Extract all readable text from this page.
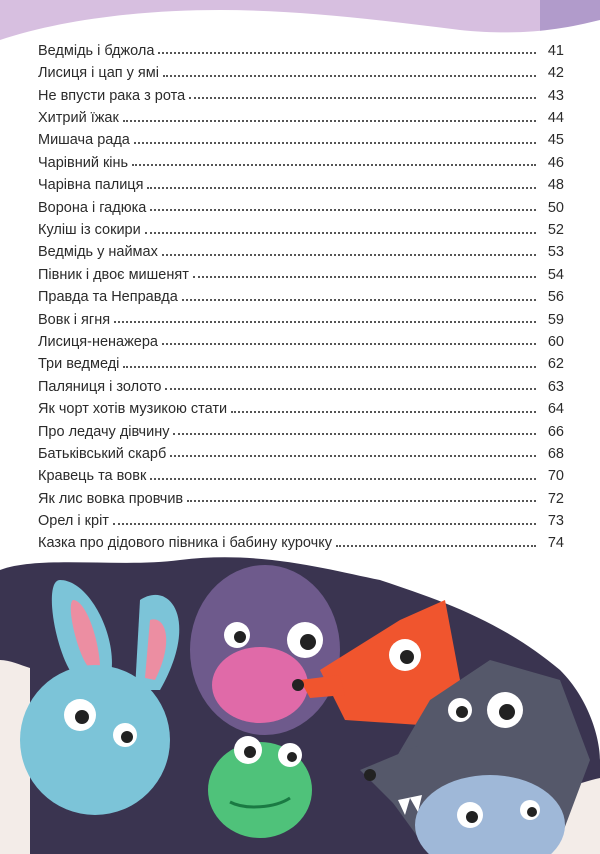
Ведмідь і бджола	41
Лисиця і цап у ямі	42
Не впусти рака з рота	43
Хитрий їжак	44
Мишача рада	45
Чарівний кінь	46
Чарівна палиця	48
Ворона і гадюка	50
Куліш із сокири	52
Ведмідь у наймах	53
Півник і двоє мишенят	54
Правда та Неправда	56
Вовк і ягня	59
Лисиця-ненажера	60
Три ведмеді	62
Паляниця і золото	63
Як чорт хотів музикою стати	64
Про ледачу дівчину	66
Батьківський скарб	68
Кравець та вовк	70
Як лис вовка провчив	72
Орел і кріт	73
Казка про дідового півника і бабину курочку	74
